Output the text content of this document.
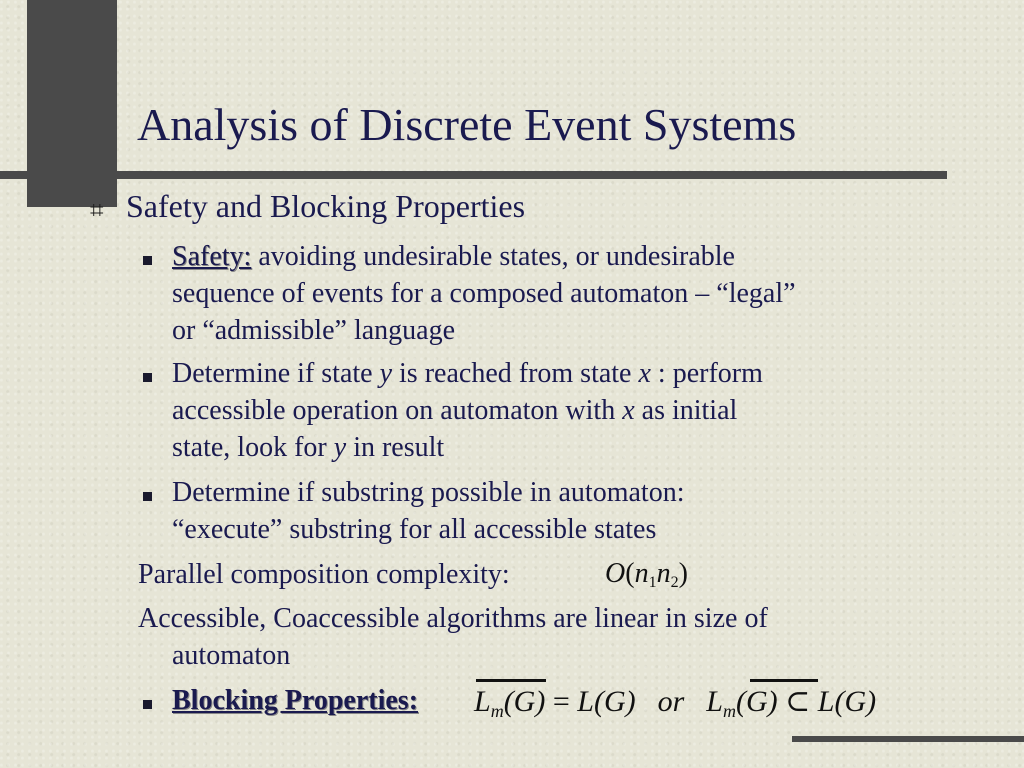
Analysis of Discrete Event Systems
⌗ Safety and Blocking Properties
Safety: avoiding undesirable states, or undesirable
sequence of events for a composed automaton – “legal”
or “admissible” language
Determine if state y is reached from state x : perform
accessible operation on automaton with x as initial
state, look for y in result
Determine if substring possible in automaton:
“execute” substring for all accessible states
Parallel composition complexity:	$O(n_1n_2)$
Accessible, Coaccessible algorithms are linear in size of
automaton
Blocking Properties: $L_m(G) = L(G)$ or $L_m(G)$ ⊂ L(G)
